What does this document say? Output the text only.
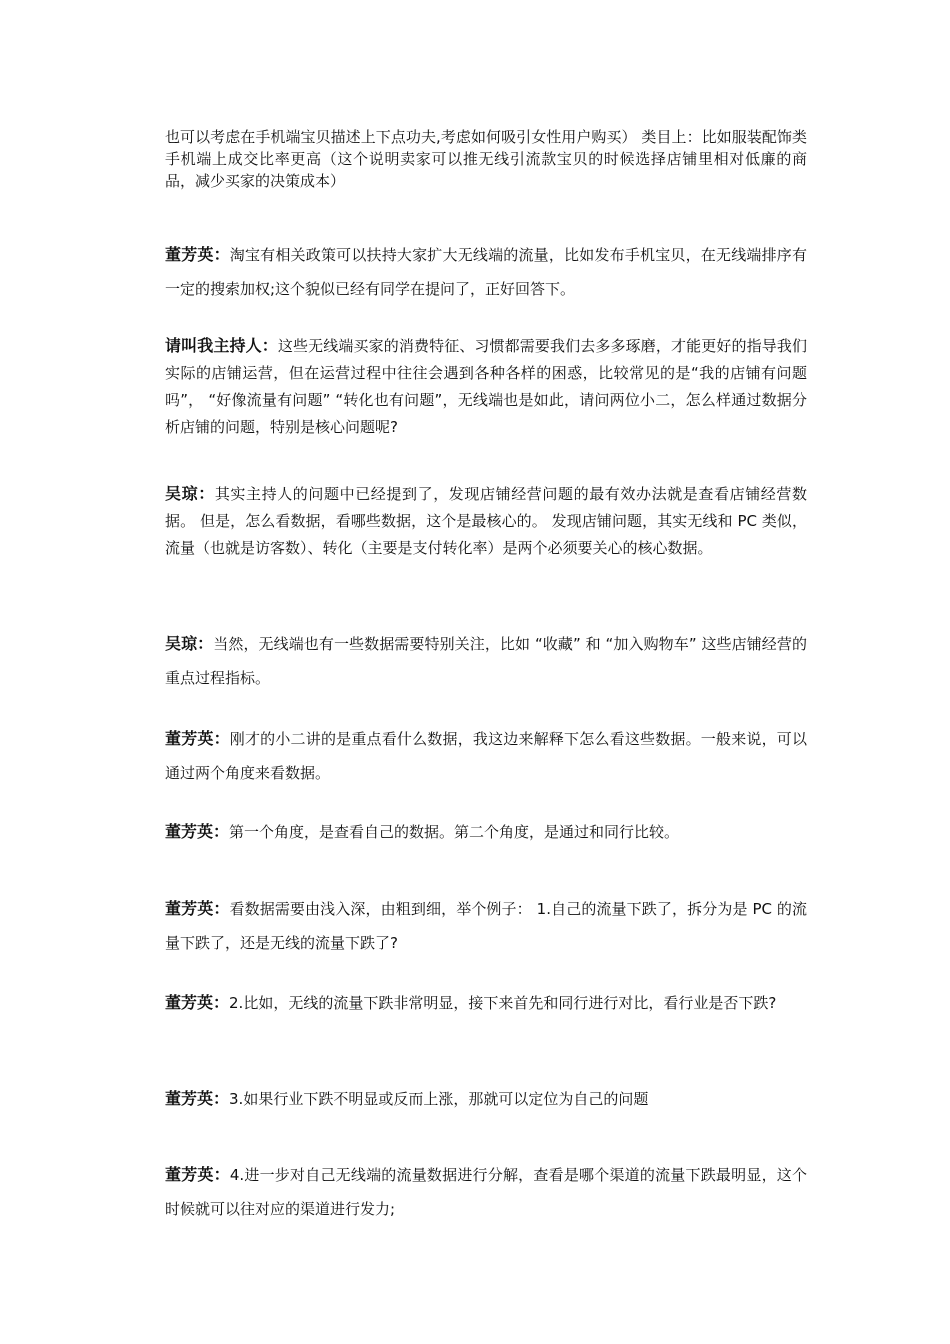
也可以考虑在手机端宝贝描述上下点功夫,考虑如何吸引女性用户购买） 类目上：比如服装配饰类手机端上成交比率更高（这个说明卖家可以推无线引流款宝贝的时候选择店铺里相对低廉的商品，减少买家的决策成本）

董芳英：淘宝有相关政策可以扶持大家扩大无线端的流量，比如发布手机宝贝，在无线端排序有一定的搜索加权;这个貌似已经有同学在提问了，正好回答下。

请叫我主持人：这些无线端买家的消费特征、习惯都需要我们去多多琢磨，才能更好的指导我们实际的店铺运营，但在运营过程中往往会遇到各种各样的困惑，比较常见的是“我的店铺有问题吗”， “好像流量有问题” “转化也有问题”，无线端也是如此，请问两位小二，怎么样通过数据分析店铺的问题，特别是核心问题呢?

吴琼：其实主持人的问题中已经提到了，发现店铺经营问题的最有效办法就是查看店铺经营数据。 但是，怎么看数据，看哪些数据，这个是最核心的。 发现店铺问题，其实无线和 PC 类似，流量（也就是访客数）、转化（主要是支付转化率）是两个必须要关心的核心数据。

吴琼：当然，无线端也有一些数据需要特别关注，比如 “收藏” 和 “加入购物车” 这些店铺经营的重点过程指标。

董芳英：刚才的小二讲的是重点看什么数据，我这边来解释下怎么看这些数据。一般来说，可以通过两个角度来看数据。

董芳英：第一个角度，是查看自己的数据。第二个角度，是通过和同行比较。

董芳英：看数据需要由浅入深，由粗到细，举个例子： 1.自己的流量下跌了，拆分为是 PC 的流量下跌了，还是无线的流量下跌了?

董芳英：2.比如，无线的流量下跌非常明显，接下来首先和同行进行对比，看行业是否下跌?

董芳英：3.如果行业下跌不明显或反而上涨，那就可以定位为自己的问题

董芳英：4.进一步对自己无线端的流量数据进行分解，查看是哪个渠道的流量下跌最明显，这个时候就可以往对应的渠道进行发力;
